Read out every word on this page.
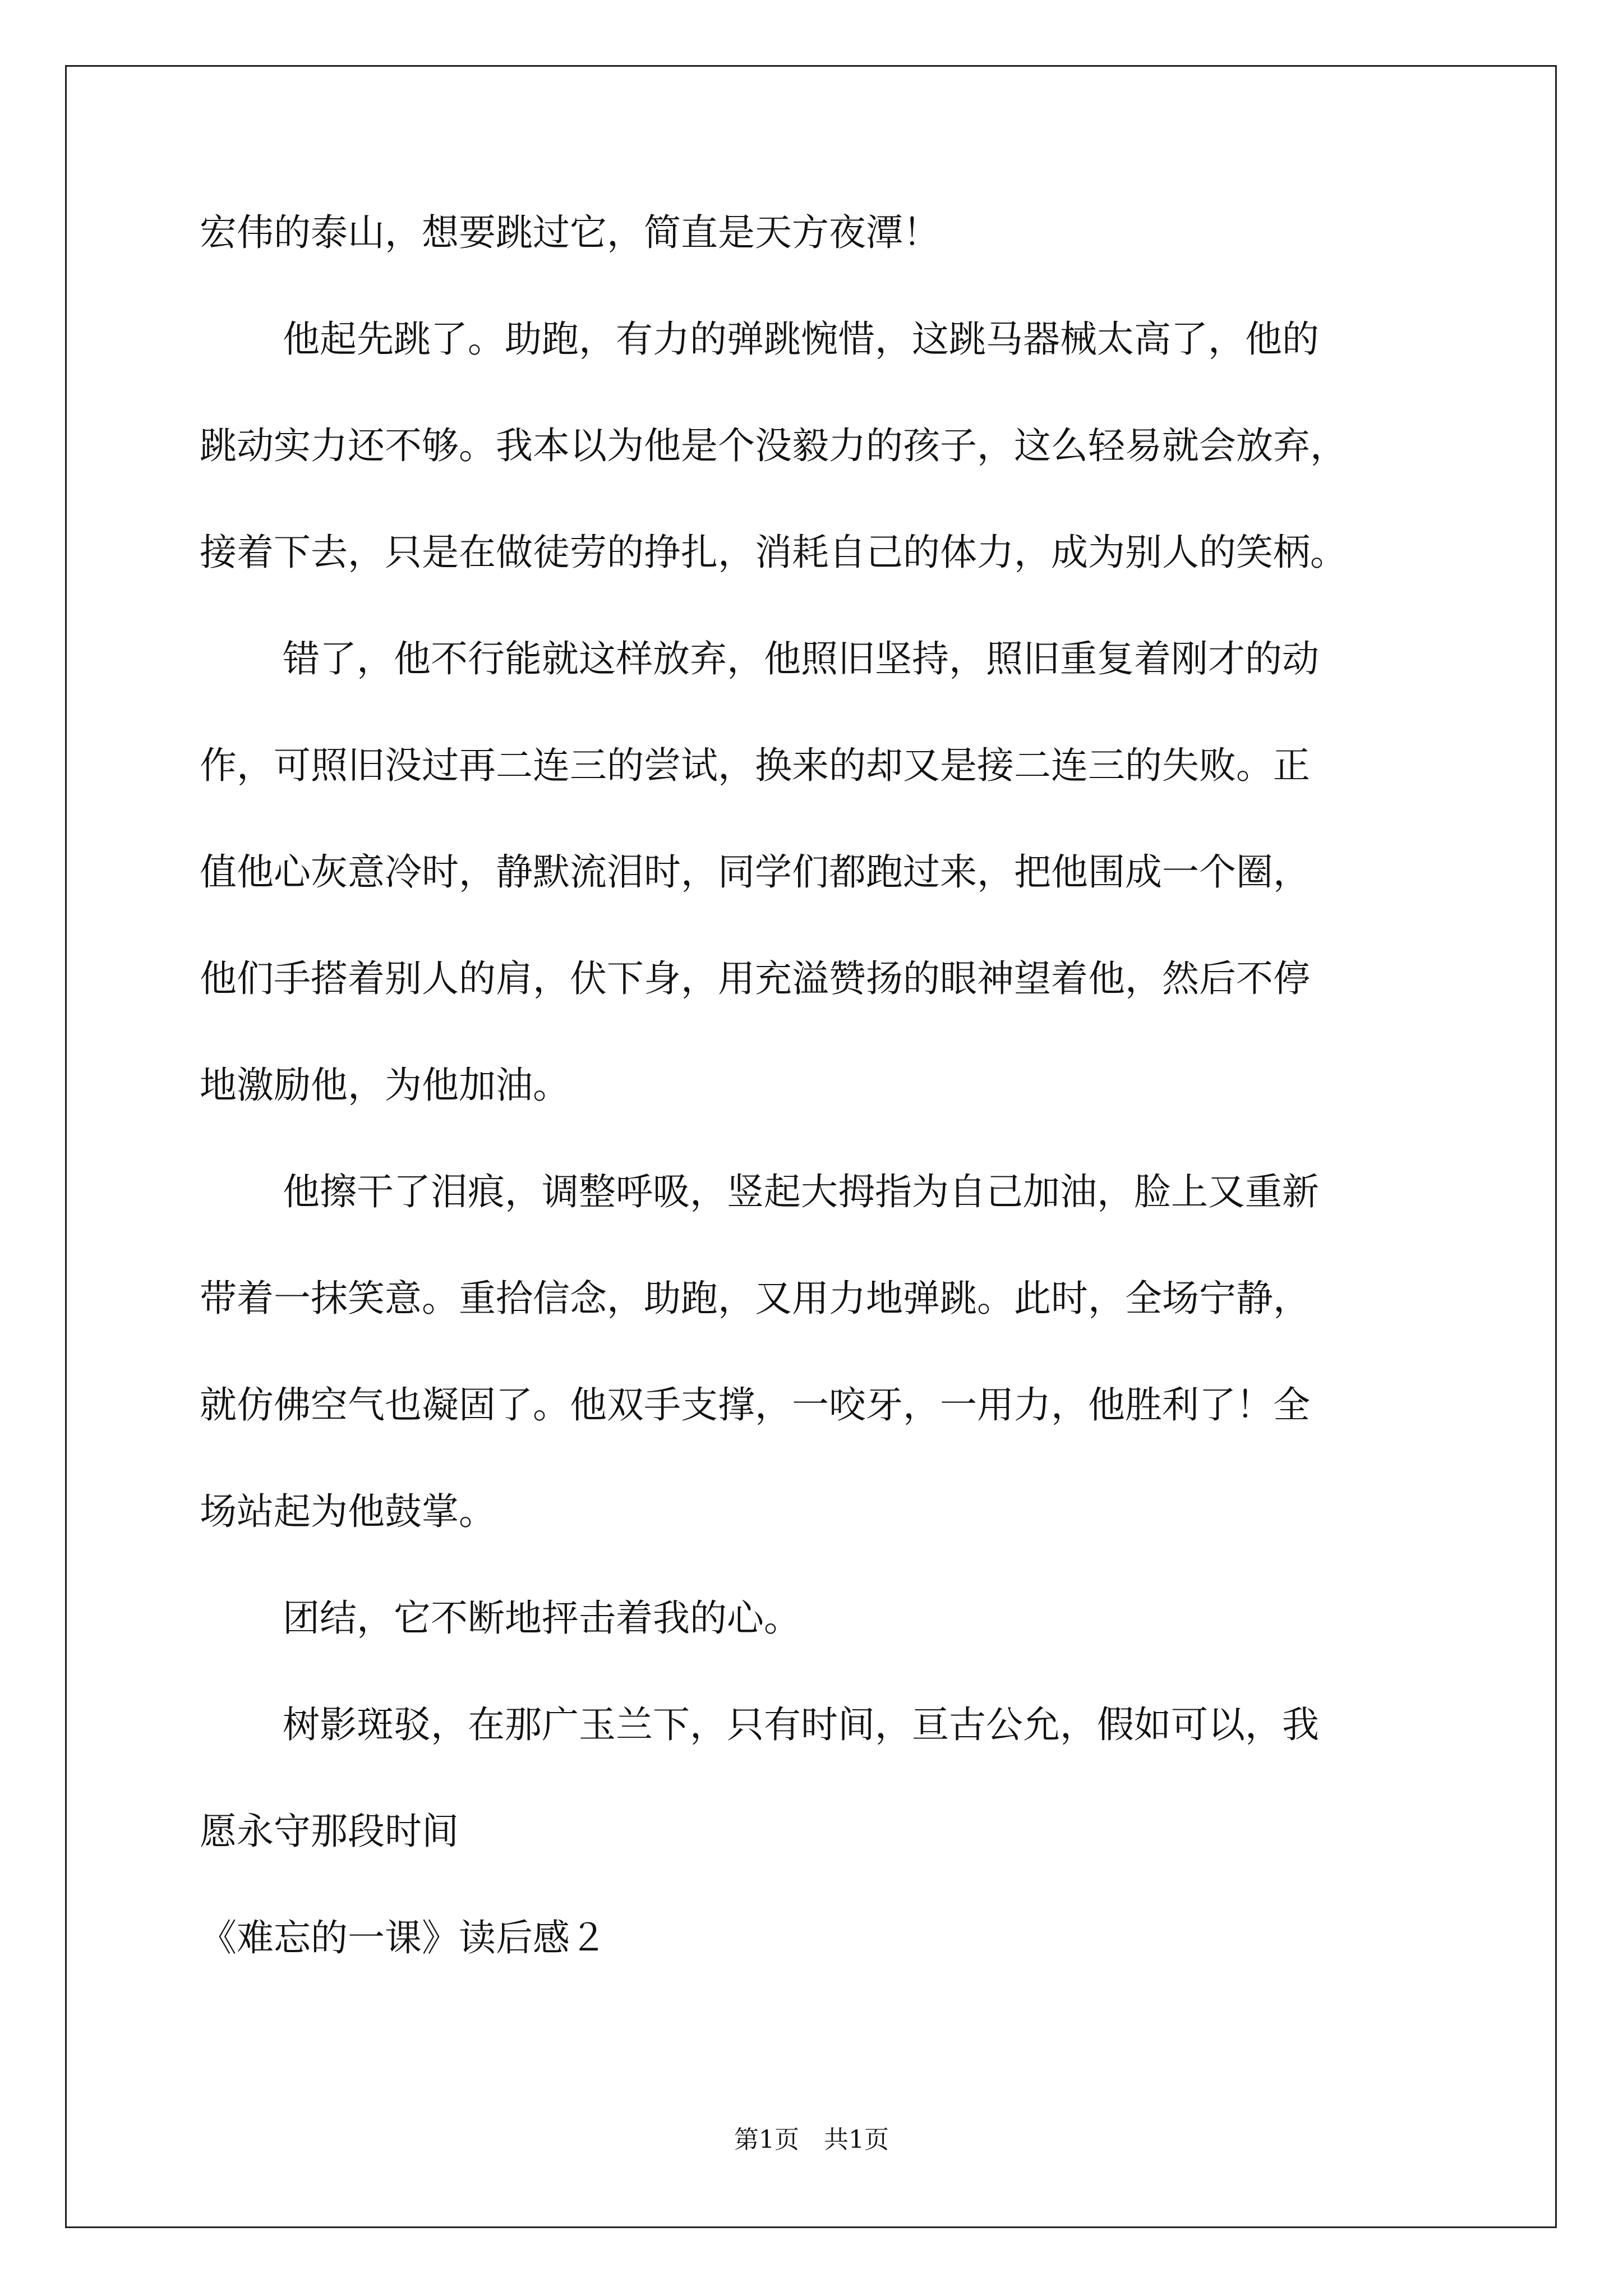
宏伟的泰山，想要跳过它，简直是天方夜潭！
他起先跳了。助跑，有力的弹跳惋惜，这跳马器械太高了，他的
跳动实力还不够。我本以为他是个没毅力的孩子，这么轻易就会放弃，
接着下去，只是在做徒劳的挣扎，消耗自己的体力，成为别人的笑柄。
错了，他不行能就这样放弃，他照旧坚持，照旧重复着刚才的动
作，可照旧没过再二连三的尝试，换来的却又是接二连三的失败。正
值他心灰意冷时，静默流泪时，同学们都跑过来，把他围成一个圈，
他们手搭着别人的肩，伏下身，用充溢赞扬的眼神望着他，然后不停
地激励他，为他加油。
他擦干了泪痕，调整呼吸，竖起大拇指为自己加油，脸上又重新
带着一抹笑意。重拾信念，助跑，又用力地弹跳。此时，全场宁静，
就仿佛空气也凝固了。他双手支撑，一咬牙，一用力，他胜利了！全
场站起为他鼓掌。
团结，它不断地抨击着我的心。
树影斑驳，在那广玉兰下，只有时间，亘古公允，假如可以，我
愿永守那段时间
《难忘的一课》读后感２
第1页　共1页
